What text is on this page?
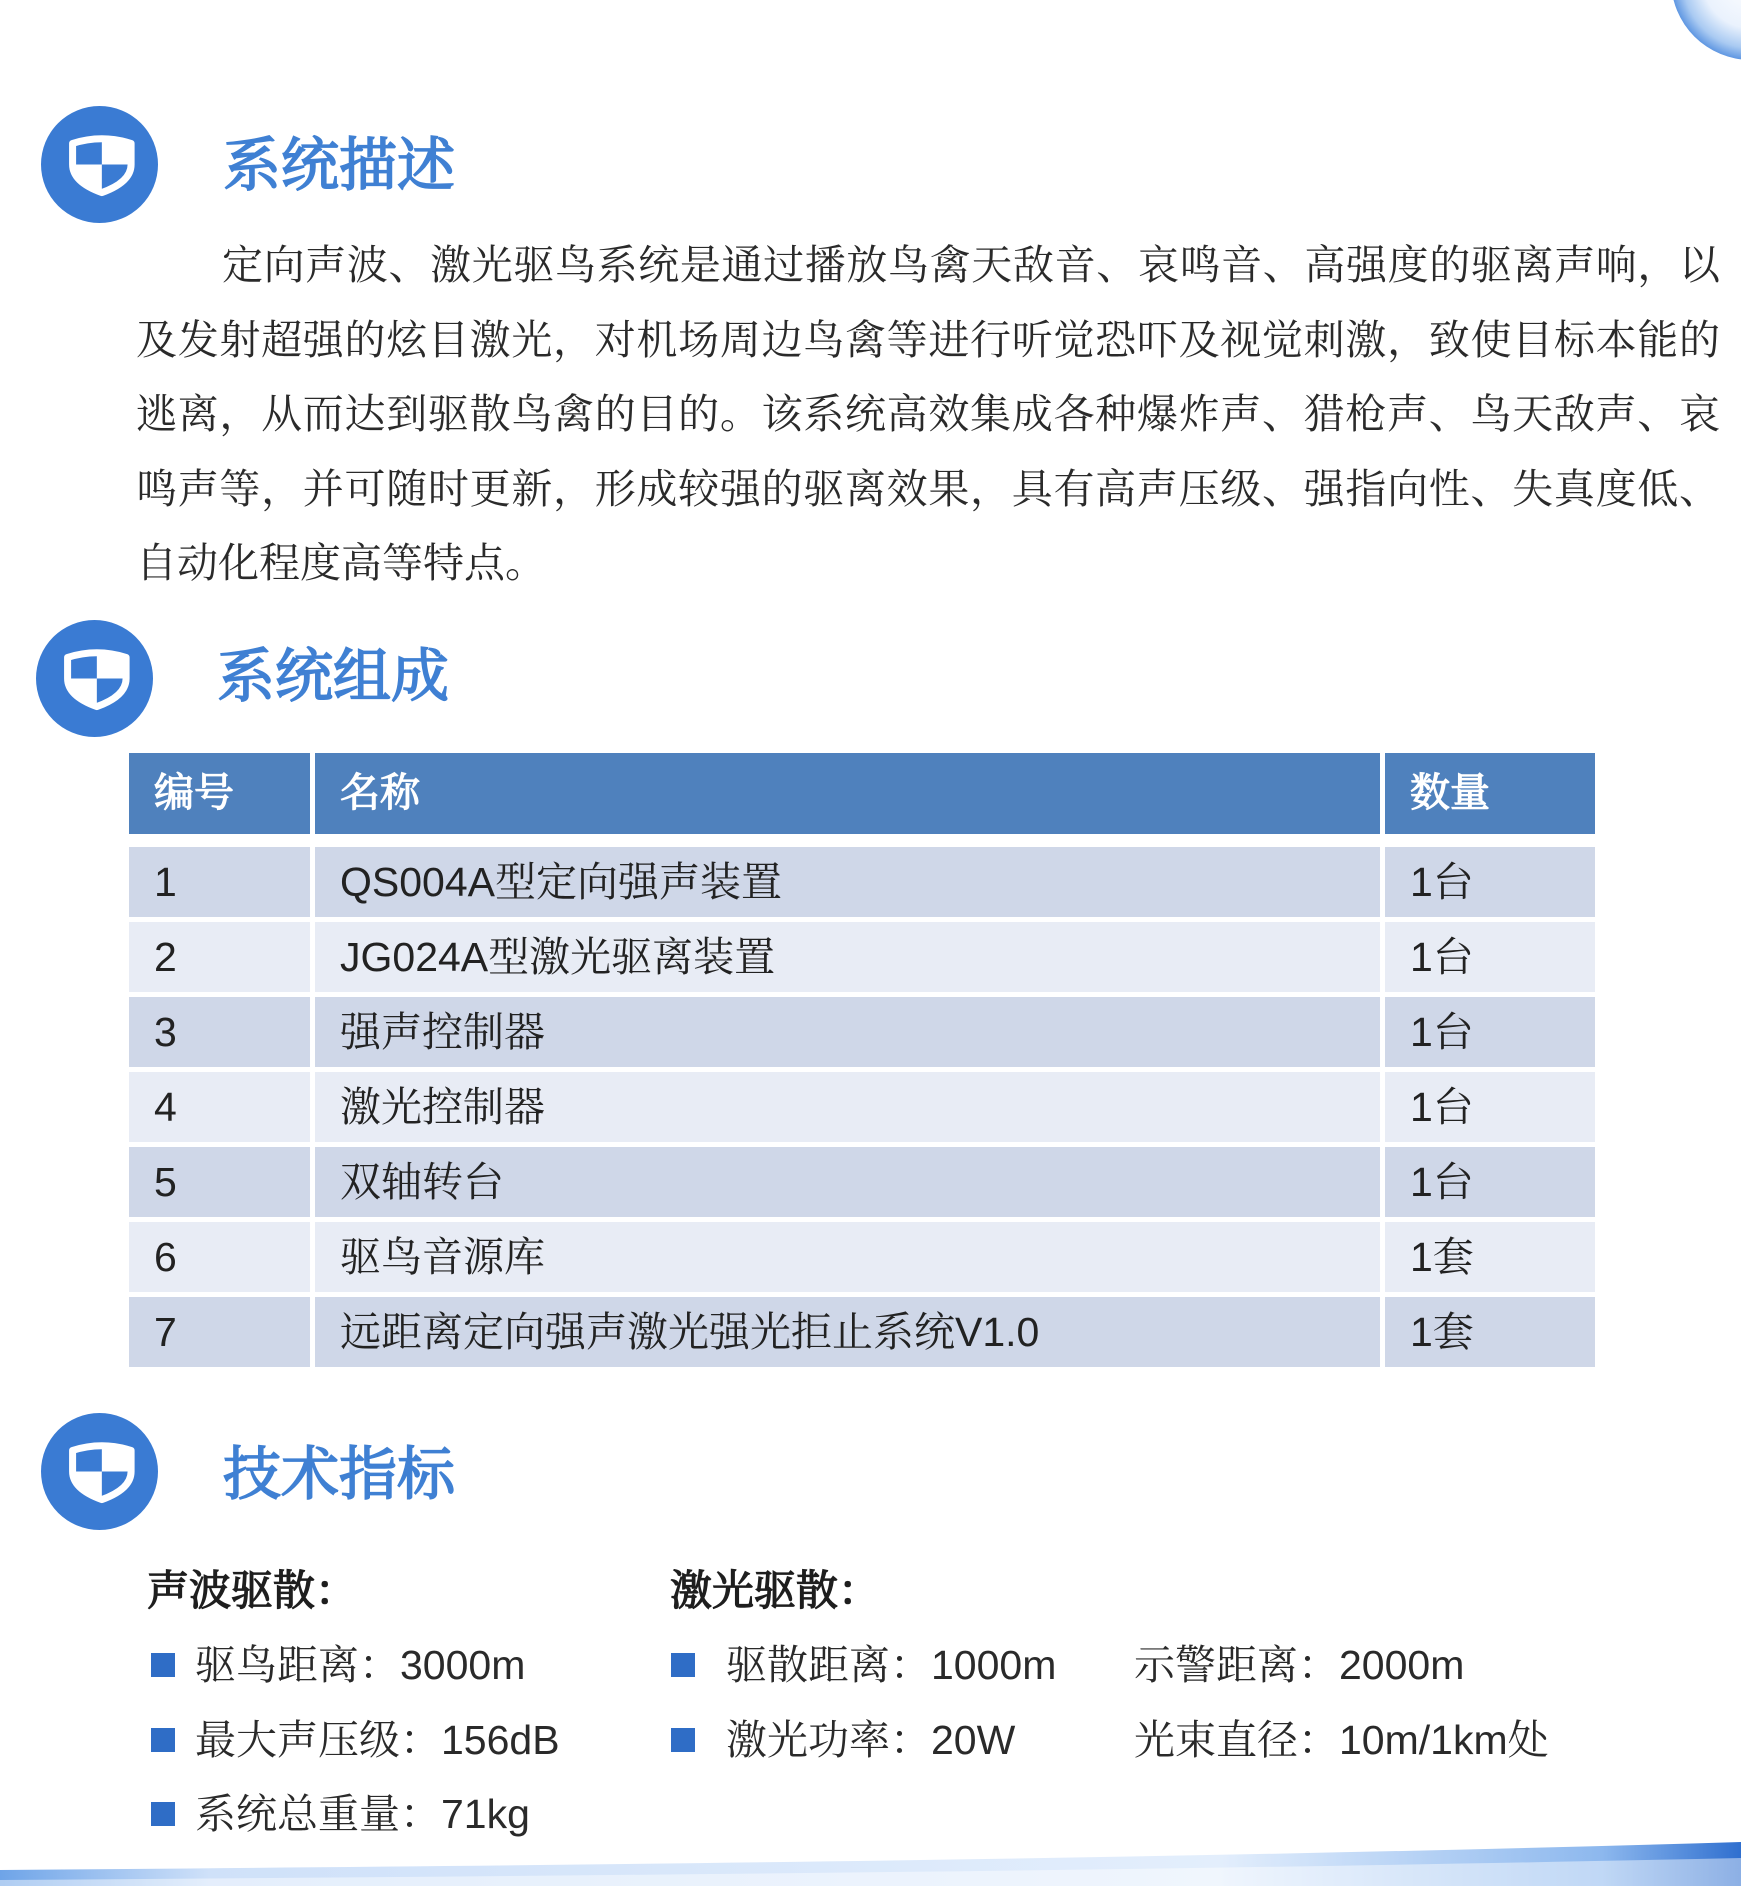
系统描述
定向声波、激光驱鸟系统是通过播放鸟禽天敌音、哀鸣音、高强度的驱离声响，以
及发射超强的炫目激光，对机场周边鸟禽等进行听觉恐吓及视觉刺激，致使目标本能的
逃离，从而达到驱散鸟禽的目的。该系统高效集成各种爆炸声、猎枪声、鸟天敌声、哀
鸣声等，并可随时更新，形成较强的驱离效果，具有高声压级、强指向性、失真度低、
自动化程度高等特点。
系统组成
编号	名称	数量
1	QS004A型定向强声装置	1台
2	JG024A型激光驱离装置	1台
3	强声控制器	1台
4	激光控制器	1台
5	双轴转台	1台
6	驱鸟音源库	1套
7	远距离定向强声激光强光拒止系统V1.0	1套
技术指标
声波驱散：
驱鸟距离：3000m
最大声压级：156dB
系统总重量：71kg
激光驱散：
驱散距离：1000m 示警距离：2000m
激光功率：20W	光束直径：10m/1km处
